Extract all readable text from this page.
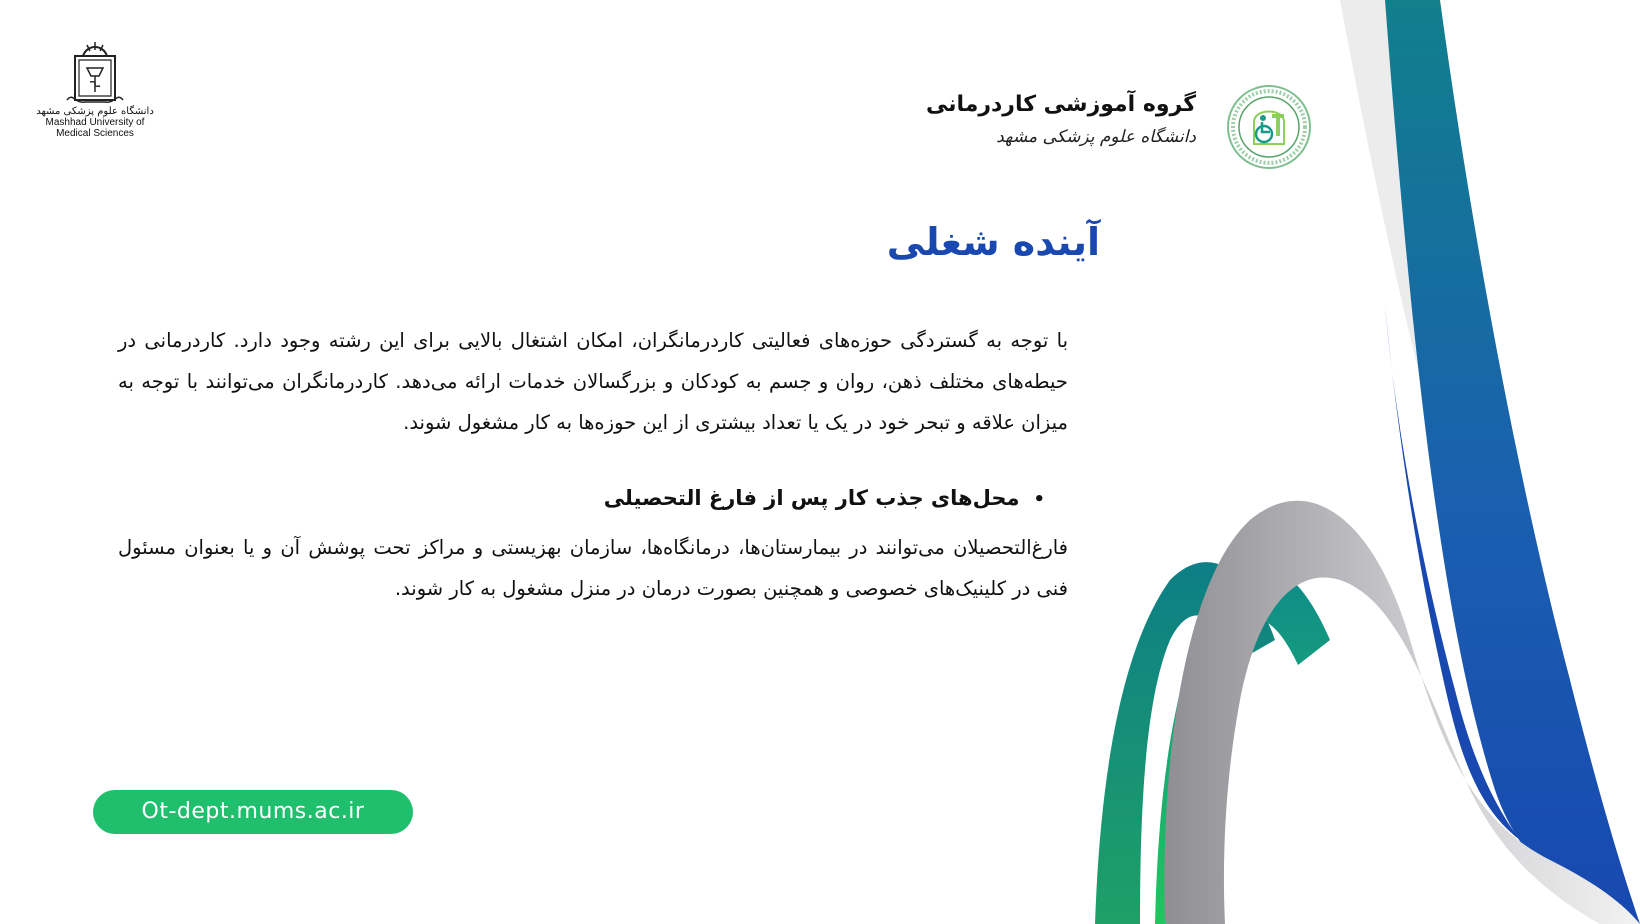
دانشگاه علوم پزشکی مشهد
Mashhad University of
Medical Sciences
گروه آموزشی کاردرمانی
دانشگاه علوم پزشکی مشهد
آینده شغلی

با توجه به گستردگی حوزه‌های فعالیتی کاردرمانگران، امکان اشتغال بالایی برای این رشته وجود دارد. کاردرمانی در حیطه‌های مختلف ذهن، روان و جسم به کودکان و بزرگسالان خدمات ارائه می‌دهد. کاردرمانگران می‌توانند با توجه به میزان علاقه و تبحر خود در یک یا تعداد بیشتری از این حوزه‌ها به کار مشغول شوند.

•محل‌های جذب کار پس از فارغ التحصیلی

فارغ‌التحصیلان می‌توانند در بیمارستان‌ها، درمانگاه‌ها، سازمان بهزیستی و مراکز تحت پوشش آن و یا بعنوان مسئول فنی در کلینیک‌های خصوصی و همچنین بصورت درمان در منزل مشغول به کار شوند.

Ot-dept.mums.ac.ir
